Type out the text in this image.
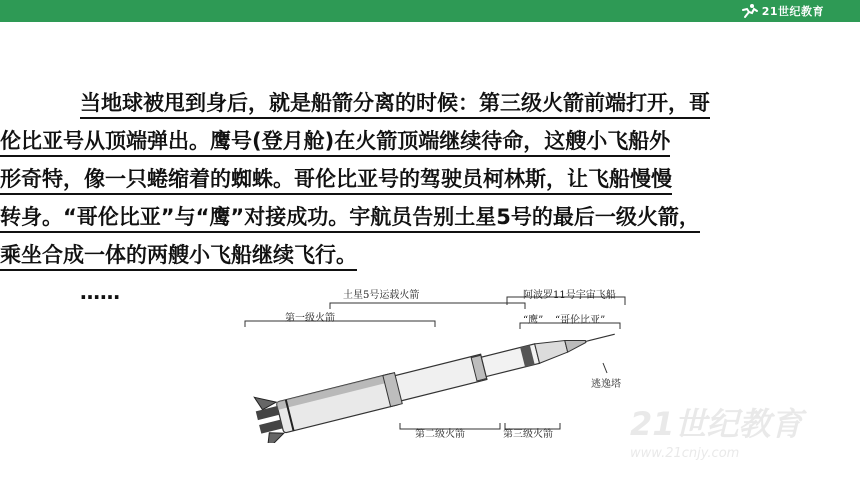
21世纪教育
当地球被甩到身后，就是船箭分离的时候：第三级火箭前端打开，哥
伦比亚号从顶端弹出。鹰号(登月舱)在火箭顶端继续待命，这艘小飞船外
形奇特，像一只蜷缩着的蜘蛛。哥伦比亚号的驾驶员柯林斯，让飞船慢慢
转身。“哥伦比亚”与“鹰”对接成功。宇航员告别土星5号的最后一级火箭，
乘坐合成一体的两艘小飞船继续飞行。
……	土星5号运载火箭	阿波罗11号宇宙飞船
第一级火箭	“鹰” “哥伦比亚”
逃逸塔
第二级火箭	第三级火箭 21世纪教育
www.21cnjy.com
